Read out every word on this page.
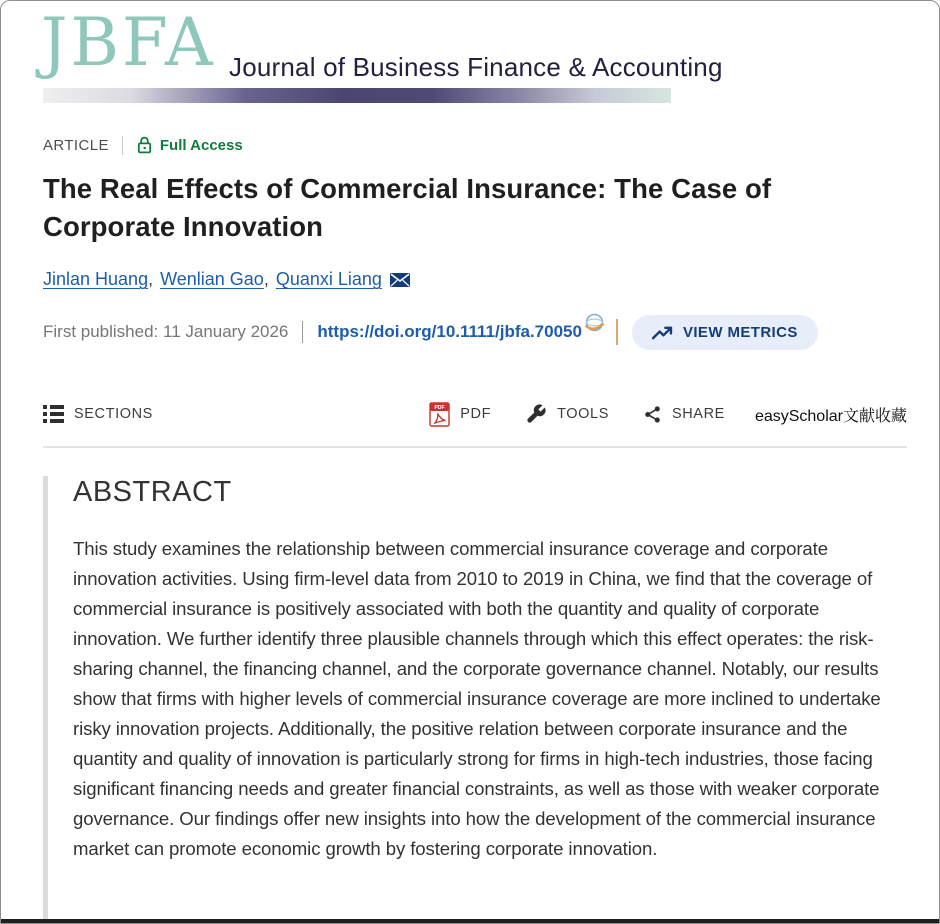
JBFA Journal of Business Finance & Accounting
ARTICLE	Full Access
The Real Effects of Commercial Insurance: The Case of Corporate Innovation
Jinlan Huang , Wenlian Gao , Quanxi Liang
First published: 11 January 2026 https://doi.org/10.1111/jbfa.70050	VIEW METRICS
SECTIONS	PDF PDF	TOOLS	SHARE easyScholar文献收藏
ABSTRACT

This study examines the relationship between commercial insurance coverage and corporate innovation activities. Using firm-level data from 2010 to 2019 in China, we find that the coverage of commercial insurance is positively associated with both the quantity and quality of corporate innovation. We further identify three plausible channels through which this effect operates: the risk-sharing channel, the financing channel, and the corporate governance channel. Notably, our results show that firms with higher levels of commercial insurance coverage are more inclined to undertake risky innovation projects. Additionally, the positive relation between corporate insurance and the quantity and quality of innovation is particularly strong for firms in high-tech industries, those facing significant financing needs and greater financial constraints, as well as those with weaker corporate governance. Our findings offer new insights into how the development of the commercial insurance market can promote economic growth by fostering corporate innovation.
